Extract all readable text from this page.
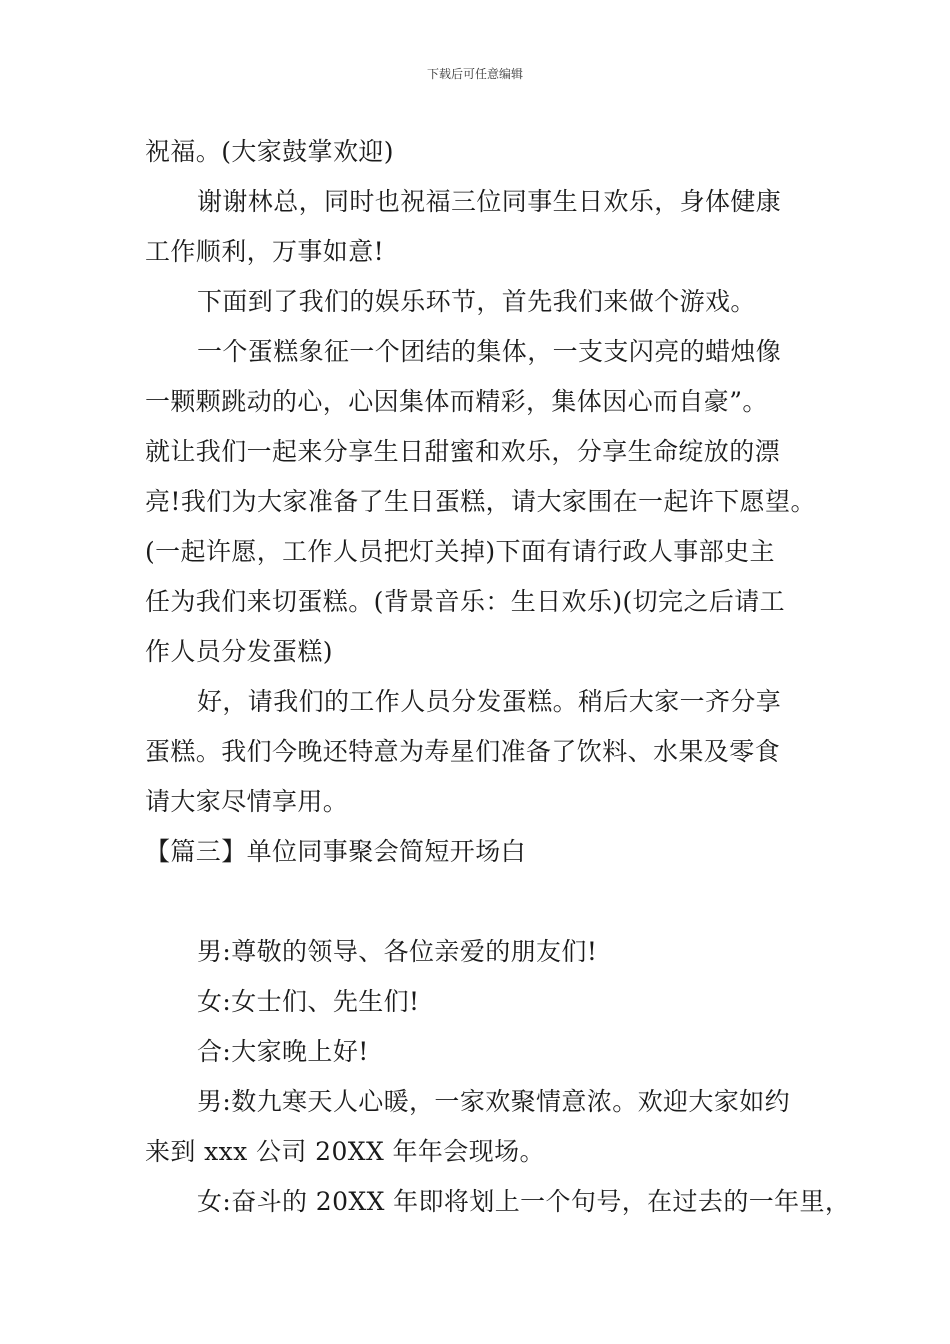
下载后可任意编辑
祝福。(大家鼓掌欢迎)
谢谢林总，同时也祝福三位同事生日欢乐，身体健康
工作顺利，万事如意!
下面到了我们的娱乐环节，首先我们来做个游戏。
一个蛋糕象征一个团结的集体，一支支闪亮的蜡烛像
一颗颗跳动的心，心因集体而精彩，集体因心而自豪”。
就让我们一起来分享生日甜蜜和欢乐，分享生命绽放的漂
亮!我们为大家准备了生日蛋糕，请大家围在一起许下愿望。
(一起许愿，工作人员把灯关掉)下面有请行政人事部史主
任为我们来切蛋糕。(背景音乐：生日欢乐)(切完之后请工
作人员分发蛋糕)
好，请我们的工作人员分发蛋糕。稍后大家一齐分享
蛋糕。我们今晚还特意为寿星们准备了饮料、水果及零食
请大家尽情享用。
【篇三】单位同事聚会简短开场白
男:尊敬的领导、各位亲爱的朋友们!
女:女士们、先生们!
合:大家晚上好!
男:数九寒天人心暖，一家欢聚情意浓。欢迎大家如约
来到 xxx 公司 20XX 年年会现场。
女:奋斗的 20XX 年即将划上一个句号，在过去的一年里，
